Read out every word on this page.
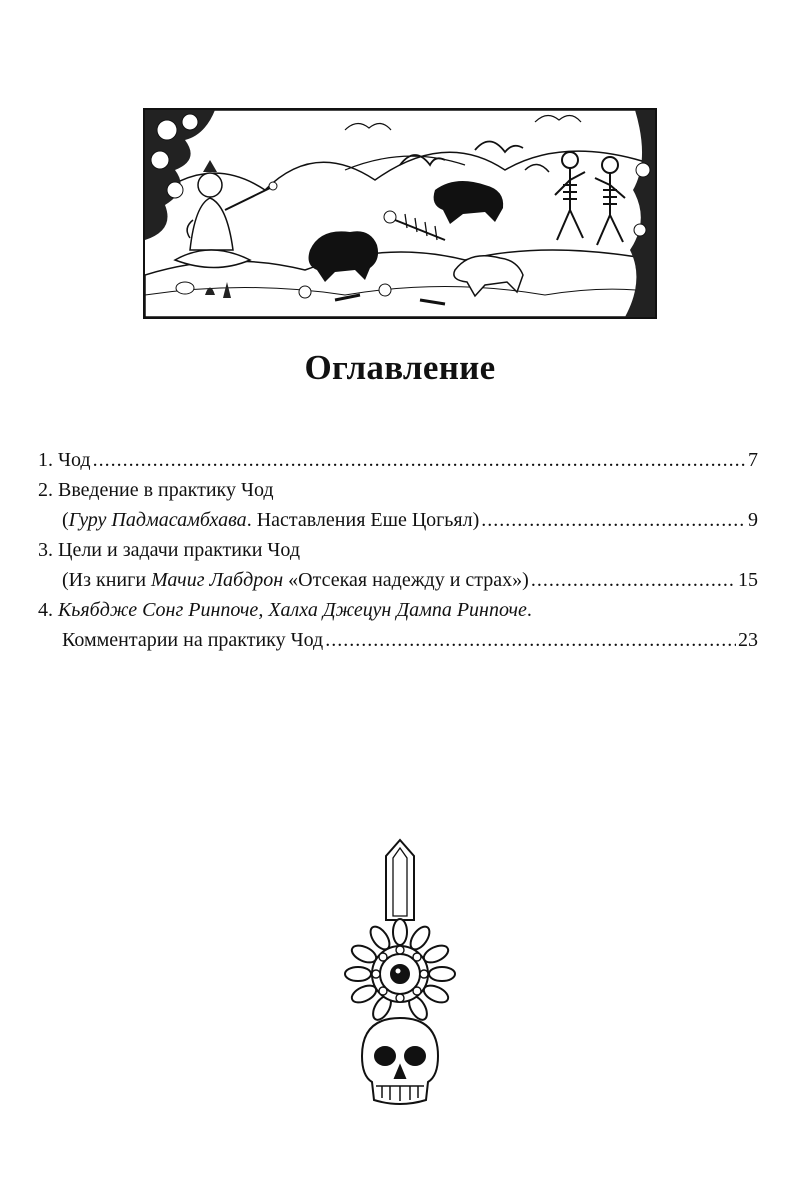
Оглавление
1. Чод .....	7
2. Введение в практику Чод
(Гуру Падмасамбхава. Наставления Еше Цогьял) .....	9
3. Цели и задачи практики Чод
(Из книги Мачиг Лабдрон «Отсекая надежду и страх») .....	15
4. Кьябдже Сонг Ринпоче, Халха Джецун Дампа Ринпоче.
Комментарии на практику Чод .....	23
